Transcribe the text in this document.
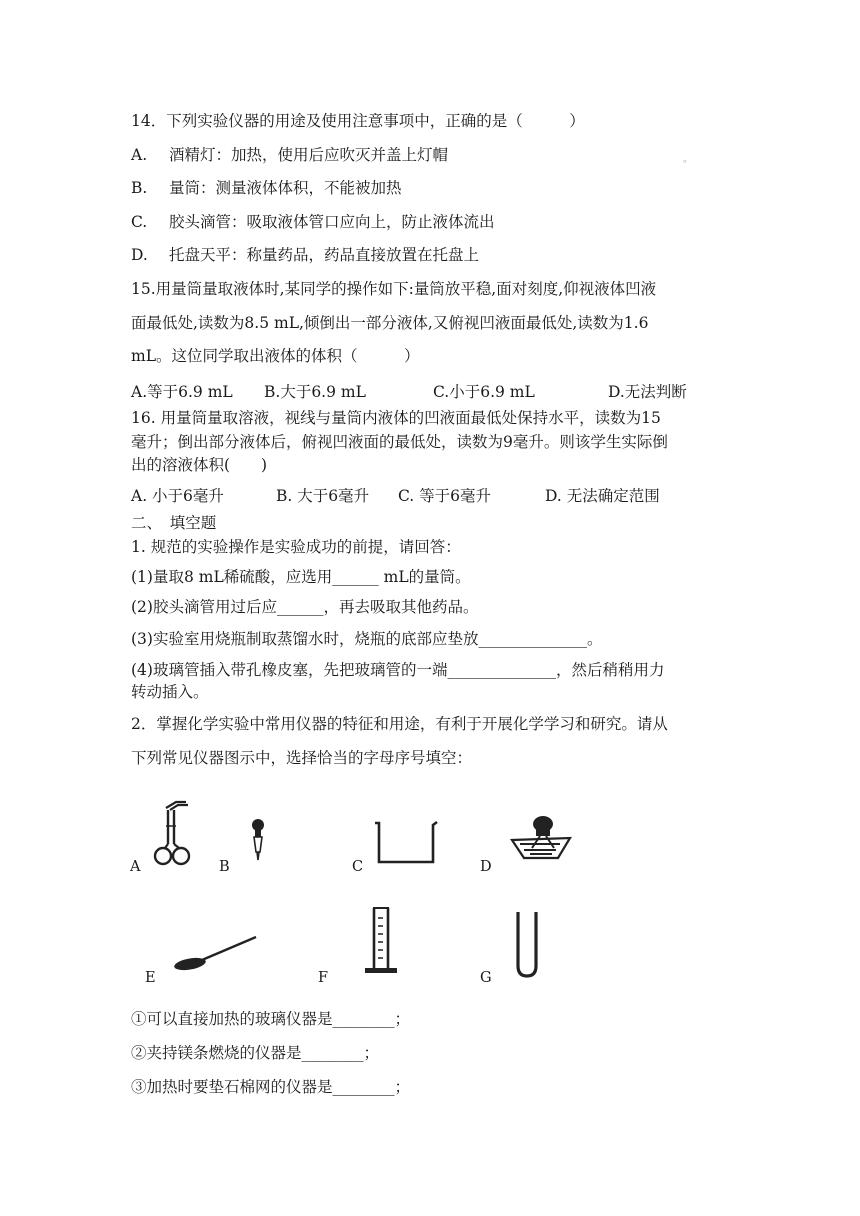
14．下列实验仪器的用途及使用注意事项中，正确的是（　　　）
A. 酒精灯：加热，使用后应吹灭并盖上灯帽	。
B. 量筒：测量液体体积，不能被加热
C. 胶头滴管：吸取液体管口应向上，防止液体流出
D. 托盘天平：称量药品，药品直接放置在托盘上
15.用量筒量取液体时,某同学的操作如下:量筒放平稳,面对刻度,仰视液体凹液
面最低处,读数为8.5 mL,倾倒出一部分液体,又俯视凹液面最低处,读数为1.6
mL。这位同学取出液体的体积（　　　）
A.等于6.9 mL B.大于6.9 mL	C.小于6.9 mL	D.无法判断
16. 用量筒量取溶液，视线与量筒内液体的凹液面最低处保持水平，读数为15
毫升；倒出部分液体后，俯视凹液面的最低处，读数为9毫升。则该学生实际倒
出的溶液体积(　　)
A. 小于6毫升	B. 大于6毫升 C. 等于6毫升	D. 无法确定范围
二、　填空题
1. 规范的实验操作是实验成功的前提，请回答：
(1)量取8 mL稀硫酸，应选用______ mL的量筒。
(2)胶头滴管用过后应______，再去吸取其他药品。
(3)实验室用烧瓶制取蒸馏水时，烧瓶的底部应垫放______________。
(4)玻璃管插入带孔橡皮塞，先把玻璃管的一端______________，然后稍稍用力
转动插入。
2．掌握化学实验中常用仪器的特征和用途，有利于开展化学学习和研究。请从
下列常见仪器图示中，选择恰当的字母序号填空：
A	B	C	D
E	F	G
①可以直接加热的玻璃仪器是________；
②夹持镁条燃烧的仪器是________；
③加热时要垫石棉网的仪器是________；
